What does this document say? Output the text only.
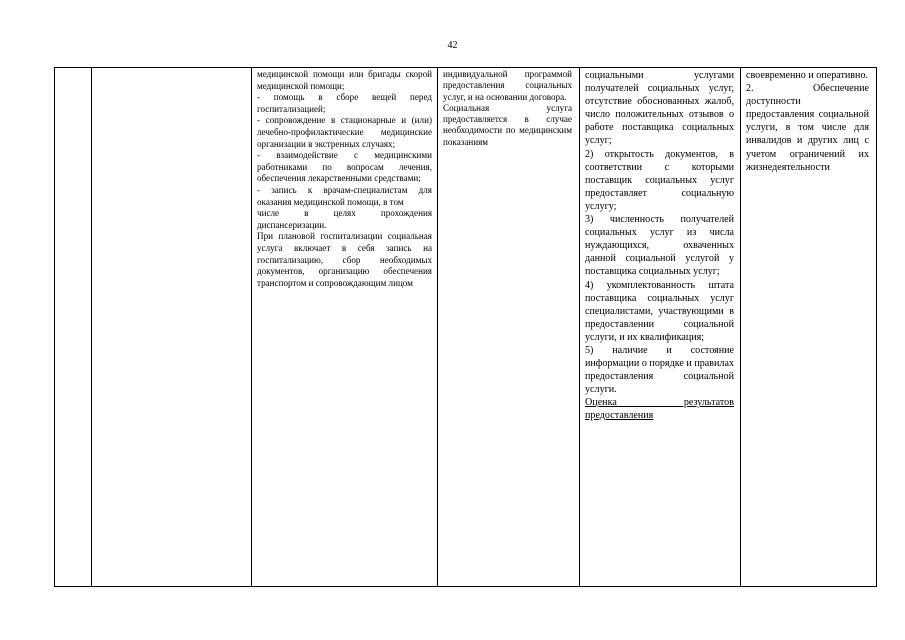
42

медицинской помощи или бригады скорой медицинской помощи;

- помощь в сборе вещей перед госпитализацией;

- сопровождение в стационарные и (или) лечебно-профилактические медицинские организации в экстренных случаях;

- взаимодействие с медицинскими работниками по вопросам лечения, обеспечения лекарственными средствами;

- запись к врачам-специалистам для оказания медицинской помощи, в том

числе в целях прохождения диспансеризации.

При плановой госпитализации социальная услуга включает в себя запись на госпитализацию, сбор необходимых документов, организацию обеспечения транспортом и сопровождающим лицом

индивидуальной программой предоставления социальных услуг, и на основании договора.

Социальная услуга предоставляется в случае необходимости по медицинским показаниям

социальными услугами получателей социальных услуг, отсутствие обоснованных жалоб, число положительных отзывов о работе поставщика социальных услуг;

2) открытость документов, в соответствии с которыми поставщик социальных услуг предоставляет социальную услугу;

3) численность получателей социальных услуг из числа нуждающихся, охваченных данной социальной услугой у поставщика социальных услуг;

4) укомплектованность штата поставщика социальных услуг специалистами, участвующими в предоставлении социальной услуги, и их квалификация;

5) наличие и состояние информации о порядке и правилах предоставления социальной услуги.

Оценка результатов предоставления

своевременно и оперативно.

2. Обеспечение доступности предоставления социальной услуги, в том числе для инвалидов и других лиц с учетом ограничений их жизнедеятельности
